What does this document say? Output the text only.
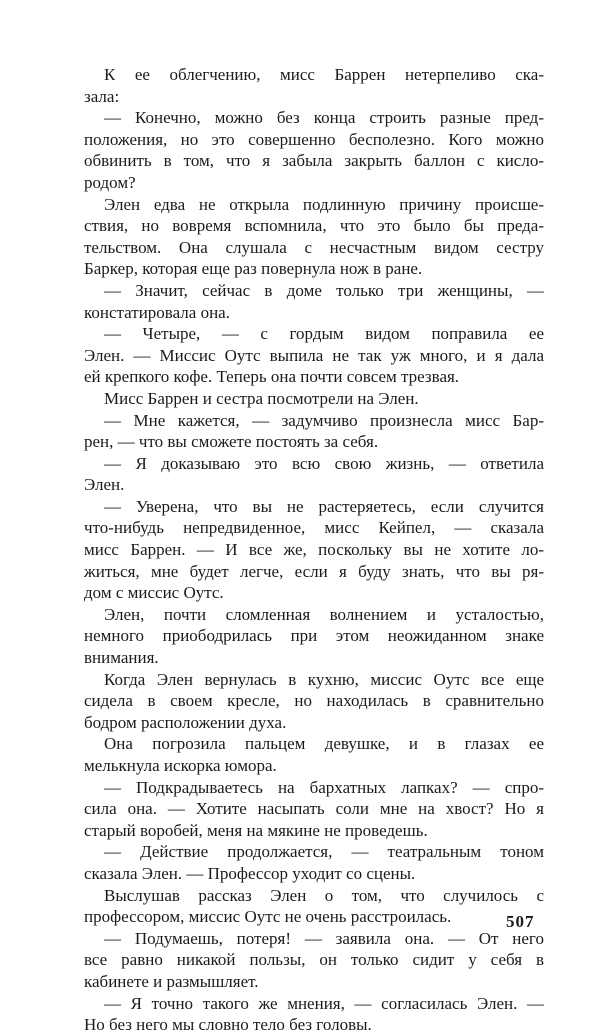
К ее облегчению, мисс Баррен нетерпеливо ска-
зала:
— Конечно, можно без конца строить разные пред-
положения, но это совершенно бесполезно. Кого можно
обвинить в том, что я забыла закрыть баллон с кисло-
родом?
Элен едва не открыла подлинную причину происше-
ствия, но вовремя вспомнила, что это было бы преда-
тельством. Она слушала с несчастным видом сестру
Баркер, которая еще раз повернула нож в ране.
— Значит, сейчас в доме только три женщины, —
констатировала она.
— Четыре, — с гордым видом поправила ее
Элен. — Миссис Оутс выпила не так уж много, и я дала
ей крепкого кофе. Теперь она почти совсем трезвая.
Мисс Баррен и сестра посмотрели на Элен.
— Мне кажется, — задумчиво произнесла мисс Бар-
рен, — что вы сможете постоять за себя.
— Я доказываю это всю свою жизнь, — ответила
Элен.
— Уверена, что вы не растеряетесь, если случится
что-нибудь непредвиденное, мисс Кейпел, — сказала
мисс Баррен. — И все же, поскольку вы не хотите ло-
житься, мне будет легче, если я буду знать, что вы ря-
дом с миссис Оутс.
Элен, почти сломленная волнением и усталостью,
немного приободрилась при этом неожиданном знаке
внимания.
Когда Элен вернулась в кухню, миссис Оутс все еще
сидела в своем кресле, но находилась в сравнительно
бодром расположении духа.
Она погрозила пальцем девушке, и в глазах ее
мелькнула искорка юмора.
— Подкрадываетесь на бархатных лапках? — спро-
сила она. — Хотите насыпать соли мне на хвост? Но я
старый воробей, меня на мякине не проведешь.
— Действие продолжается, — театральным тоном
сказала Элен. — Профессор уходит со сцены.
Выслушав рассказ Элен о том, что случилось с
профессором, миссис Оутс не очень расстроилась.
— Подумаешь, потеря! — заявила она. — От него
все равно никакой пользы, он только сидит у себя в
кабинете и размышляет.
— Я точно такого же мнения, — согласилась Элен. —
Но без него мы словно тело без головы.
507
